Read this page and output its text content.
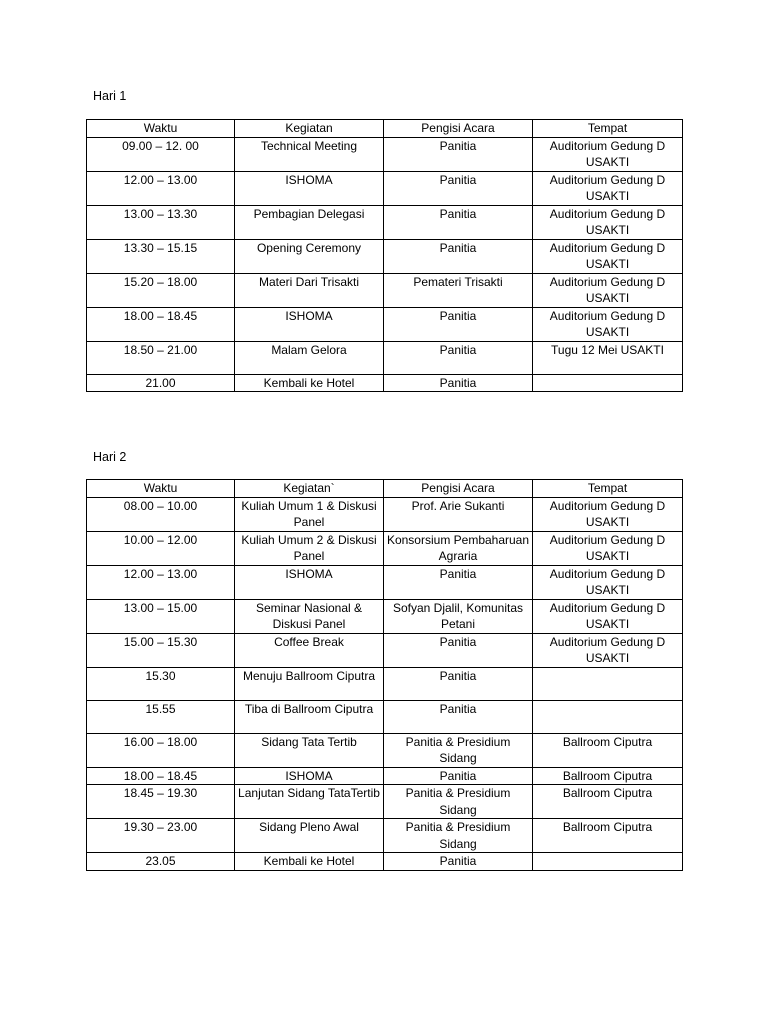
Hari 1
Waktu	Kegiatan	Pengisi Acara	Tempat
09.00 – 12. 00	Technical Meeting	Panitia	Auditorium Gedung D USAKTI
12.00 – 13.00	ISHOMA	Panitia	Auditorium Gedung D USAKTI
13.00 – 13.30	Pembagian Delegasi	Panitia	Auditorium Gedung D USAKTI
13.30 – 15.15	Opening Ceremony	Panitia	Auditorium Gedung D USAKTI
15.20 – 18.00	Materi Dari Trisakti	Pemateri Trisakti	Auditorium Gedung D USAKTI
18.00 – 18.45	ISHOMA	Panitia	Auditorium Gedung D USAKTI
18.50 – 21.00	Malam Gelora	Panitia	Tugu 12 Mei USAKTI
21.00	Kembali ke Hotel	Panitia	
Hari 2
Waktu	Kegiatan`	Pengisi Acara	Tempat
08.00 – 10.00	Kuliah Umum 1 & Diskusi Panel	Prof. Arie Sukanti	Auditorium Gedung D USAKTI
10.00 – 12.00	Kuliah Umum 2 & Diskusi Panel	Konsorsium Pembaharuan Agraria	Auditorium Gedung D USAKTI
12.00 – 13.00	ISHOMA	Panitia	Auditorium Gedung D USAKTI
13.00 – 15.00	Seminar Nasional & Diskusi Panel	Sofyan Djalil, Komunitas Petani	Auditorium Gedung D USAKTI
15.00 – 15.30	Coffee Break	Panitia	Auditorium Gedung D USAKTI
15.30	Menuju Ballroom Ciputra	Panitia	
15.55	Tiba di Ballroom Ciputra	Panitia	
16.00 – 18.00	Sidang Tata Tertib	Panitia & Presidium Sidang	Ballroom Ciputra
18.00 – 18.45	ISHOMA	Panitia	Ballroom Ciputra
18.45 – 19.30	Lanjutan Sidang TataTertib	Panitia & Presidium Sidang	Ballroom Ciputra
19.30 – 23.00	Sidang Pleno Awal	Panitia & Presidium Sidang	Ballroom Ciputra
23.05	Kembali ke Hotel	Panitia	
